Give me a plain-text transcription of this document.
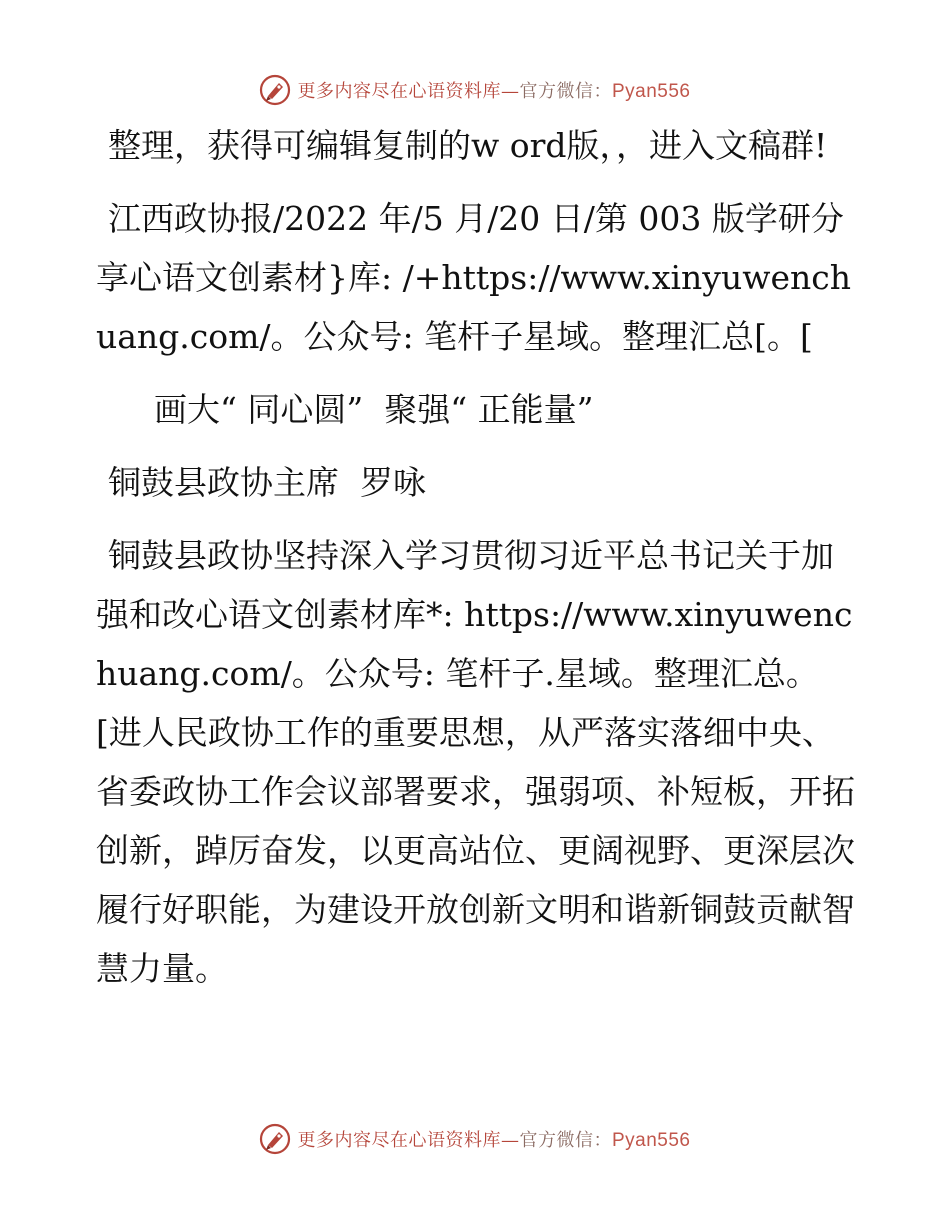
更多内容尽在心语资料库—官方微信：Pyan556

整理，获得可编辑复制的w ord版，，进入文稿群!

江西政协报/2022 年/5 月/20 日/第 003 版学研分享心语文创素材}库: /+https://www.xinyuwenchuang.com/。公众号: 笔杆子星域。整理汇总[。[

画大“ 同心圆”  聚强“ 正能量”

铜鼓县政协主席  罗咏

铜鼓县政协坚持深入学习贯彻习近平总书记关于加强和改心语文创素材库*: https://www.xinyuwenchuang.com/。公众号: 笔杆子.星域。整理汇总。[进人民政协工作的重要思想，从严落实落细中央、省委政协工作会议部署要求，强弱项、补短板，开拓创新，踔厉奋发，以更高站位、更阔视野、更深层次履行好职能，为建设开放创新文明和谐新铜鼓贡献智慧力量。

更多内容尽在心语资料库—官方微信：Pyan556
